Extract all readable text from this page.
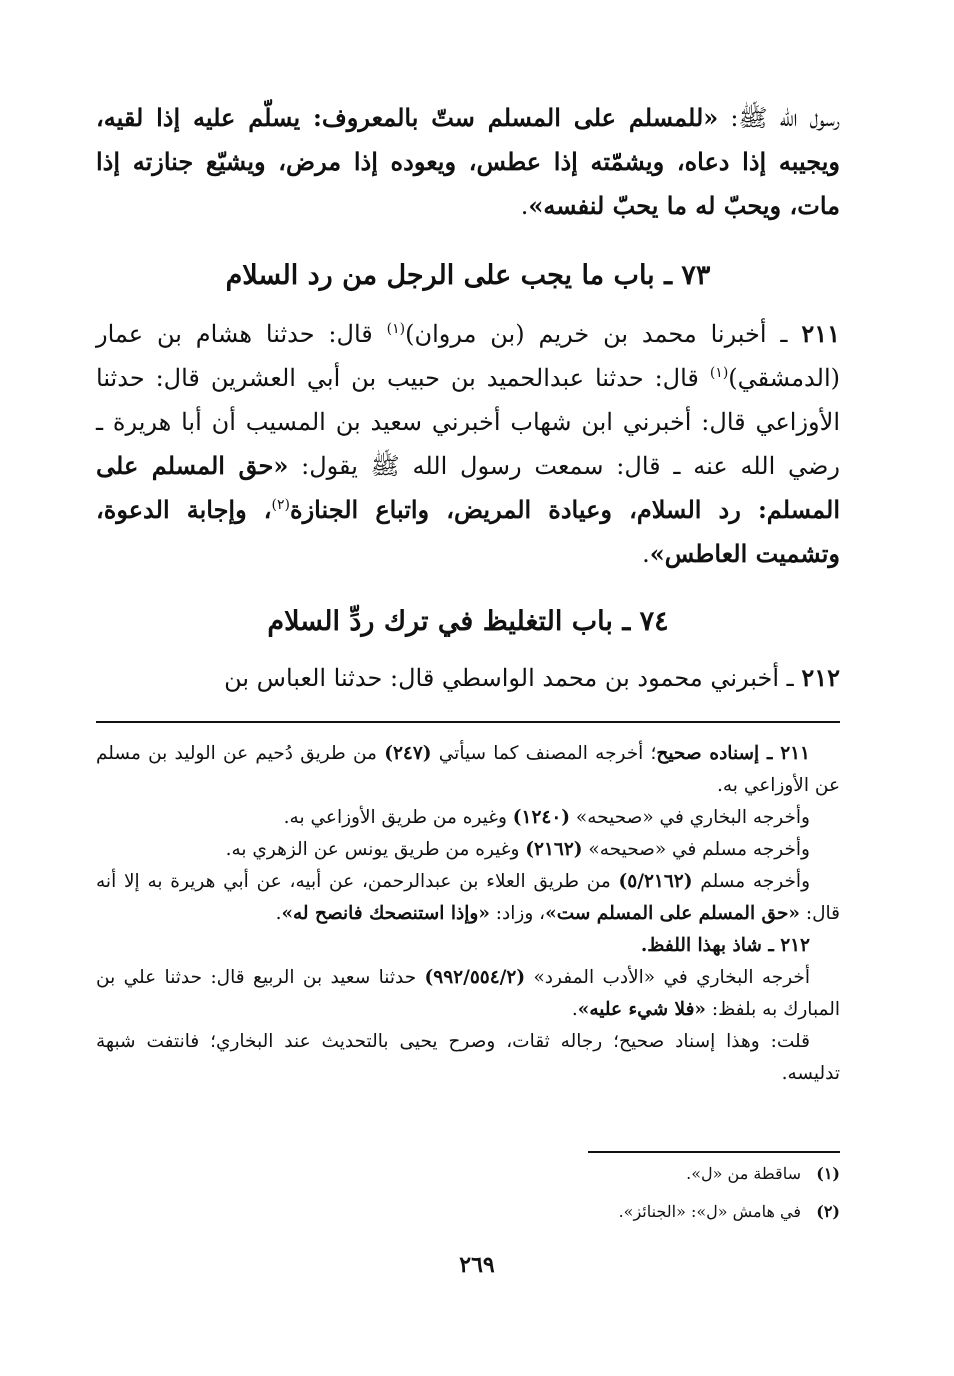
رسول الله ﷺ: «للمسلم على المسلم ستّ بالمعروف: يسلّم عليه إذا لقيه، ويجيبه إذا دعاه، ويشمّته إذا عطس، ويعوده إذا مرض، ويشيّع جنازته إذا مات، ويحبّ له ما يحبّ لنفسه».
٧٣ ـ باب ما يجب على الرجل من رد السلام
٢١١ ـ أخبرنا محمد بن خريم (بن مروان)$^{(١)}$ قال: حدثنا هشام بن عمار (الدمشقي)$^{(١)}$ قال: حدثنا عبدالحميد بن حبيب بن أبي العشرين قال: حدثنا الأوزاعي قال: أخبرني ابن شهاب أخبرني سعيد بن المسيب أن أبا هريرة ـ رضي الله عنه ـ قال: سمعت رسول الله ﷺ يقول: «حق المسلم على المسلم: رد السلام، وعيادة المريض، واتباع الجنازة$^{(٢)}$، وإجابة الدعوة، وتشميت العاطس».
٧٤ ـ باب التغليظ في ترك ردِّ السلام
٢١٢ ـ أخبرني محمود بن محمد الواسطي قال: حدثنا العباس بن

٢١١ ـ إسناده صحيح؛ أخرجه المصنف كما سيأتي (٢٤٧) من طريق دُحيم عن الوليد بن مسلم عن الأوزاعي به.

وأخرجه البخاري في «صحيحه» (١٢٤٠) وغيره من طريق الأوزاعي به.

وأخرجه مسلم في «صحيحه» (٢١٦٢) وغيره من طريق يونس عن الزهري به.

وأخرجه مسلم (٥/٢١٦٢) من طريق العلاء بن عبدالرحمن، عن أبيه، عن أبي هريرة به إلا أنه قال: «حق المسلم على المسلم ست»، وزاد: «وإذا استنصحك فانصح له».

٢١٢ ـ شاذ بهذا اللفظ.

أخرجه البخاري في «الأدب المفرد» (٩٩٢/٥٥٤/٢) حدثنا سعيد بن الربيع قال: حدثنا علي بن المبارك به بلفظ: «فلا شيء عليه».

قلت: وهذا إسناد صحيح؛ رجاله ثقات، وصرح يحيى بالتحديث عند البخاري؛ فانتفت شبهة تدليسه.

(١)   ساقطة من «ل».

(٢)   في هامش «ل»: «الجنائز».

٢٦٩
